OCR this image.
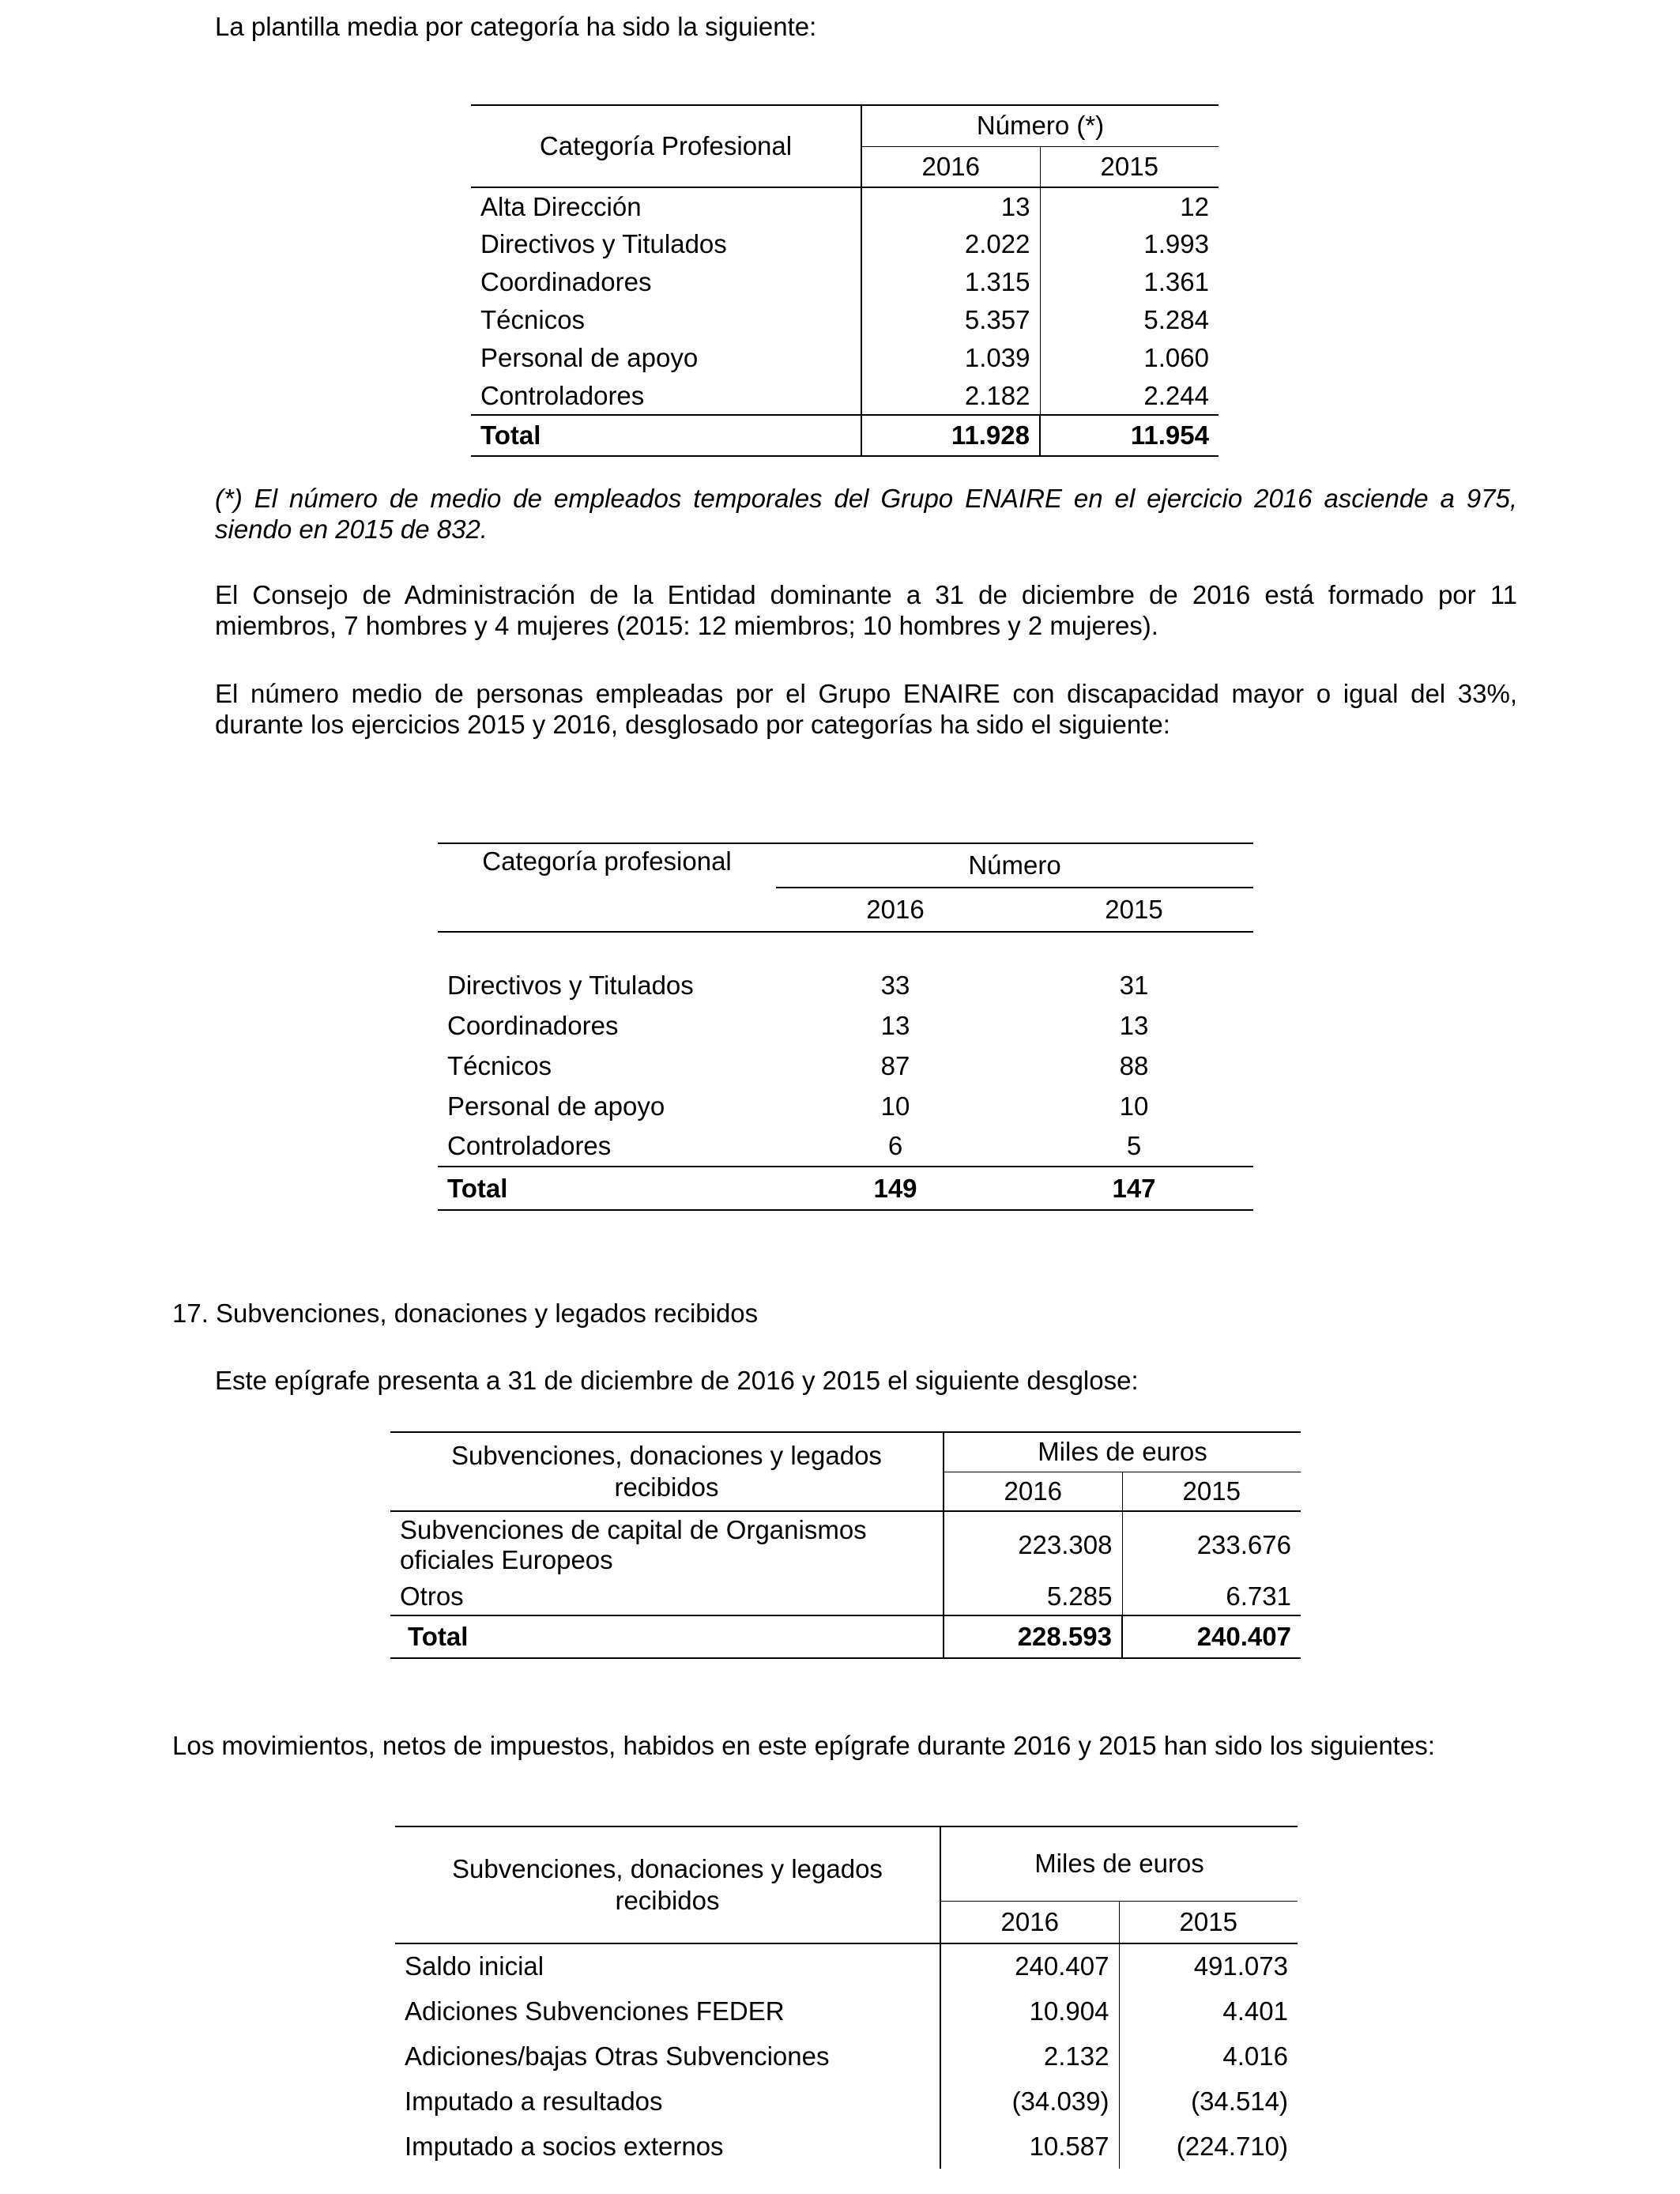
La plantilla media por categoría ha sido la siguiente:

Categoría Profesional	Número (*)	
	2016	2015
Alta Dirección	13	12
Directivos y Titulados	2.022	1.993
Coordinadores	1.315	1.361
Técnicos	5.357	5.284
Personal de apoyo	1.039	1.060
Controladores	2.182	2.244
Total	11.928	11.954

(*) El número de medio de empleados temporales del Grupo ENAIRE en el ejercicio 2016 asciende a 975, siendo en 2015 de 832.

El Consejo de Administración de la Entidad dominante a 31 de diciembre de 2016 está formado por 11 miembros, 7 hombres y 4 mujeres (2015: 12 miembros; 10 hombres y 2 mujeres).

El número medio de personas empleadas por el Grupo ENAIRE con discapacidad mayor o igual del 33%, durante los ejercicios 2015 y 2016, desglosado por categorías ha sido el siguiente:

Categoría profesional	Número	
	2016	2015

Directivos y Titulados	33	31
Coordinadores	13	13
Técnicos	87	88
Personal de apoyo	10	10
Controladores	6	5
Total	149	147

17. Subvenciones, donaciones y legados recibidos

Este epígrafe presenta a 31 de diciembre de 2016 y 2015 el siguiente desglose:

Subvenciones, donaciones y legados recibidos	Miles de euros	
	2016	2015
Subvenciones de capital de Organismos oficiales Europeos	223.308	233.676
Otros	5.285	6.731
Total	228.593	240.407

Los movimientos, netos de impuestos, habidos en este epígrafe durante 2016 y 2015 han sido los siguientes:

Subvenciones, donaciones y legados recibidos	Miles de euros	
	2016	2015
Saldo inicial	240.407	491.073
Adiciones Subvenciones FEDER	10.904	4.401
Adiciones/bajas Otras Subvenciones	2.132	4.016
Imputado a resultados	(34.039)	(34.514)
Imputado a socios externos	10.587	(224.710)
